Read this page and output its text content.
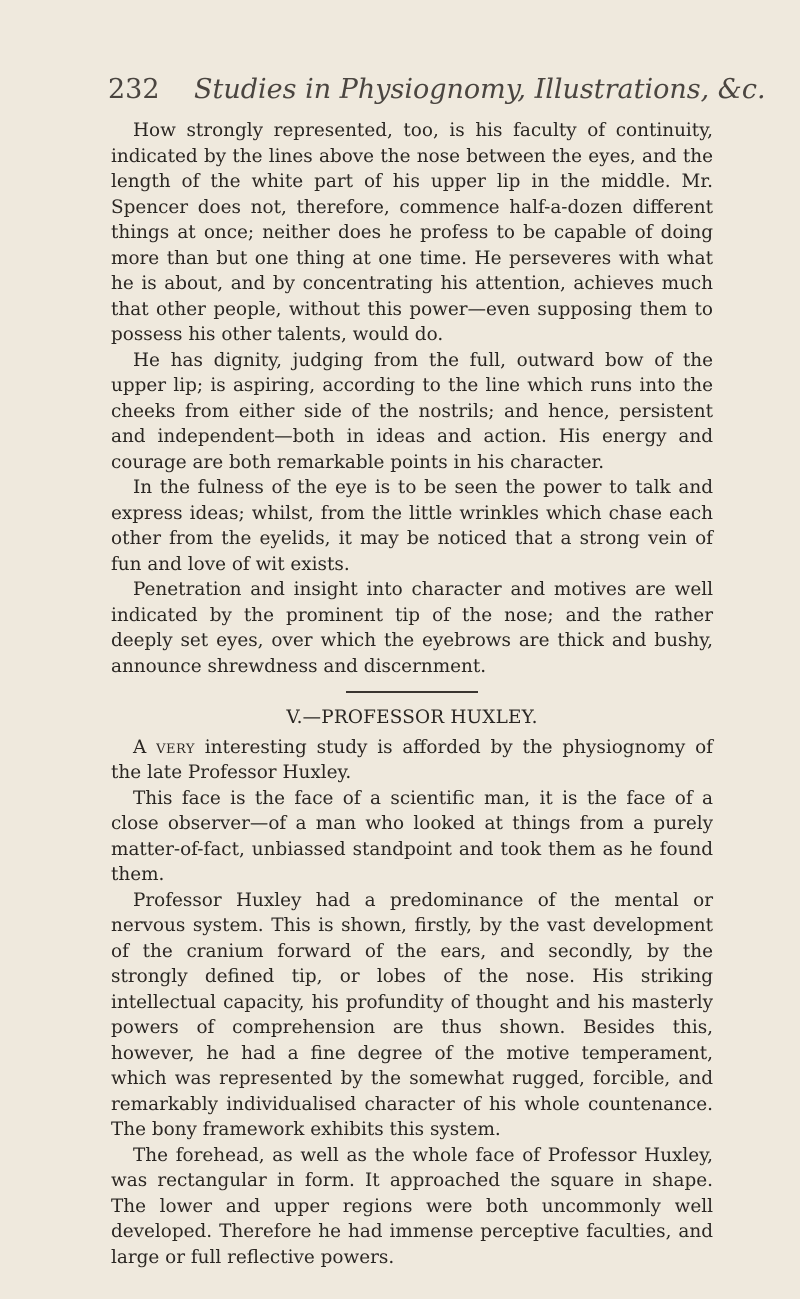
232 Studies in Physiognomy, Illustrations, &c.

How strongly represented, too, is his faculty of continuity, indicated by the lines above the nose between the eyes, and the length of the white part of his upper lip in the middle. Mr. Spencer does not, therefore, commence half-a-dozen different things at once; neither does he profess to be capable of doing more than but one thing at one time. He perseveres with what he is about, and by concentrating his attention, achieves much that other people, without this power—even supposing them to possess his other talents, would do.

He has dignity, judging from the full, outward bow of the upper lip; is aspiring, according to the line which runs into the cheeks from either side of the nostrils; and hence, persistent and independent—both in ideas and action. His energy and courage are both remarkable points in his character.

In the fulness of the eye is to be seen the power to talk and express ideas; whilst, from the little wrinkles which chase each other from the eyelids, it may be noticed that a strong vein of fun and love of wit exists.

Penetration and insight into character and motives are well indicated by the prominent tip of the nose; and the rather deeply set eyes, over which the eyebrows are thick and bushy, announce shrewdness and discernment.

V.—PROFESSOR HUXLEY.

A very interesting study is afforded by the physiognomy of the late Professor Huxley.

This face is the face of a scientific man, it is the face of a close observer—of a man who looked at things from a purely matter-of-fact, unbiassed standpoint and took them as he found them.

Professor Huxley had a predominance of the mental or nervous system. This is shown, firstly, by the vast development of the cranium forward of the ears, and secondly, by the strongly defined tip, or lobes of the nose. His striking intellectual capacity, his profundity of thought and his masterly powers of comprehension are thus shown. Besides this, however, he had a fine degree of the motive temperament, which was represented by the somewhat rugged, forcible, and remarkably individualised character of his whole countenance. The bony framework exhibits this system.

The forehead, as well as the whole face of Professor Huxley, was rectangular in form. It approached the square in shape. The lower and upper regions were both uncommonly well developed. Therefore he had immense perceptive faculties, and large or full reflective powers.
